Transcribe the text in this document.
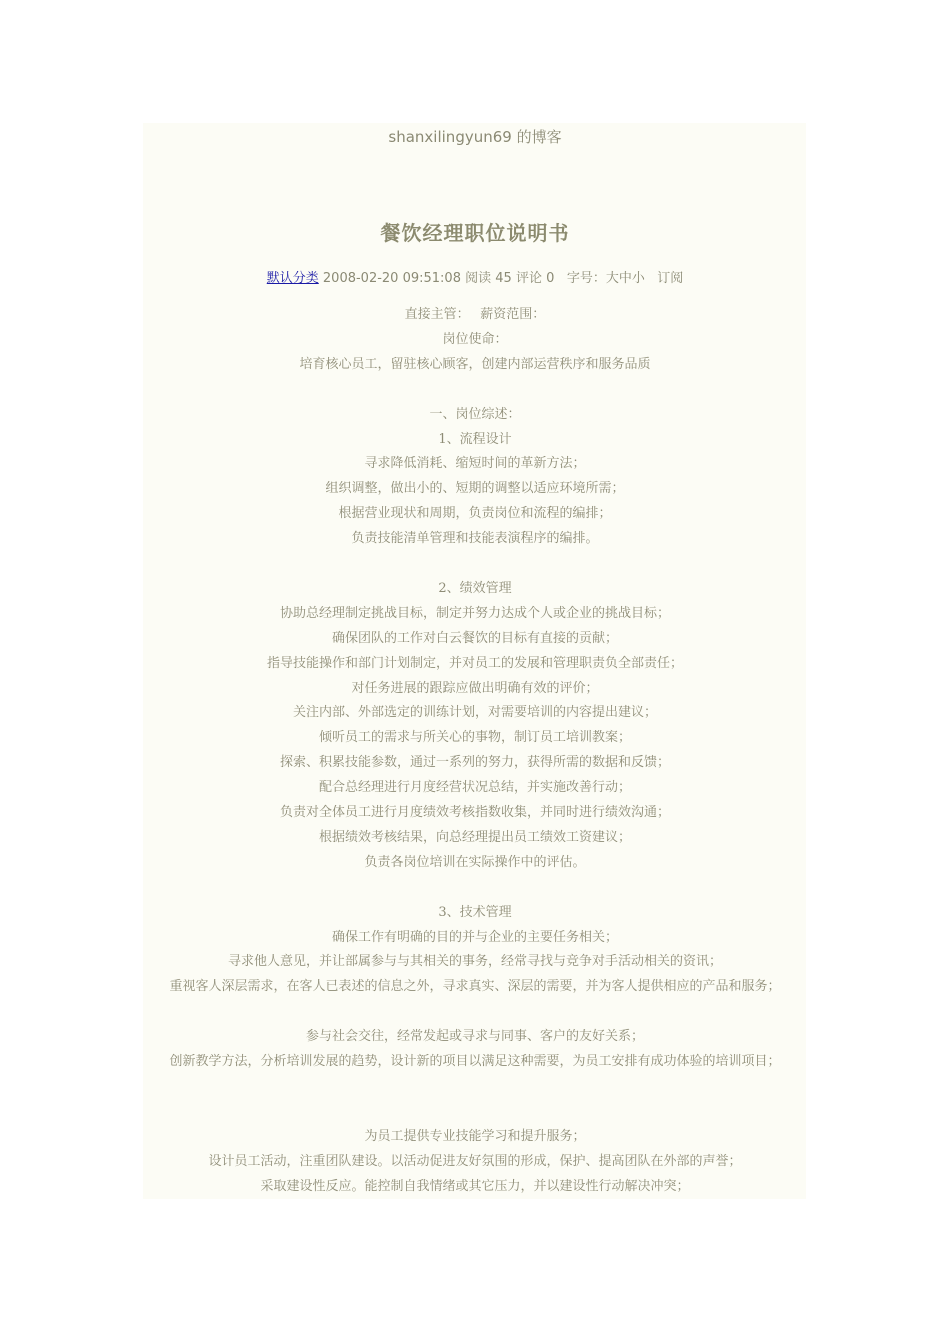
shanxilingyun69 的博客
餐饮经理职位说明书
默认分类 2008-02-20 09:51:08 阅读 45 评论 0 字号：大中小 订阅
直接主管：　 薪资范围：
岗位使命：
培育核心员工，留驻核心顾客，创建内部运营秩序和服务品质
一、岗位综述：
1、流程设计
寻求降低消耗、缩短时间的革新方法；
组织调整，做出小的、短期的调整以适应环境所需；
根据营业现状和周期，负责岗位和流程的编排；
负责技能清单管理和技能表演程序的编排。
2、绩效管理
协助总经理制定挑战目标，制定并努力达成个人或企业的挑战目标；
确保团队的工作对白云餐饮的目标有直接的贡献；
指导技能操作和部门计划制定，并对员工的发展和管理职责负全部责任；
对任务进展的跟踪应做出明确有效的评价；
关注内部、外部选定的训练计划，对需要培训的内容提出建议；
倾听员工的需求与所关心的事物，制订员工培训教案；
探索、积累技能参数，通过一系列的努力，获得所需的数据和反馈；
配合总经理进行月度经营状况总结，并实施改善行动；
负责对全体员工进行月度绩效考核指数收集，并同时进行绩效沟通；
根据绩效考核结果，向总经理提出员工绩效工资建议；
负责各岗位培训在实际操作中的评估。
3、技术管理
确保工作有明确的目的并与企业的主要任务相关；
寻求他人意见，并让部属参与与其相关的事务，经常寻找与竞争对手活动相关的资讯；
重视客人深层需求，在客人已表述的信息之外，寻求真实、深层的需要，并为客人提供相应的产品和服务；
参与社会交往，经常发起或寻求与同事、客户的友好关系；
创新教学方法，分析培训发展的趋势，设计新的项目以满足这种需要，为员工安排有成功体验的培训项目；
为员工提供专业技能学习和提升服务；
设计员工活动，注重团队建设。以活动促进友好氛围的形成，保护、提高团队在外部的声誉；
采取建设性反应。能控制自我情绪或其它压力，并以建设性行动解决冲突；
